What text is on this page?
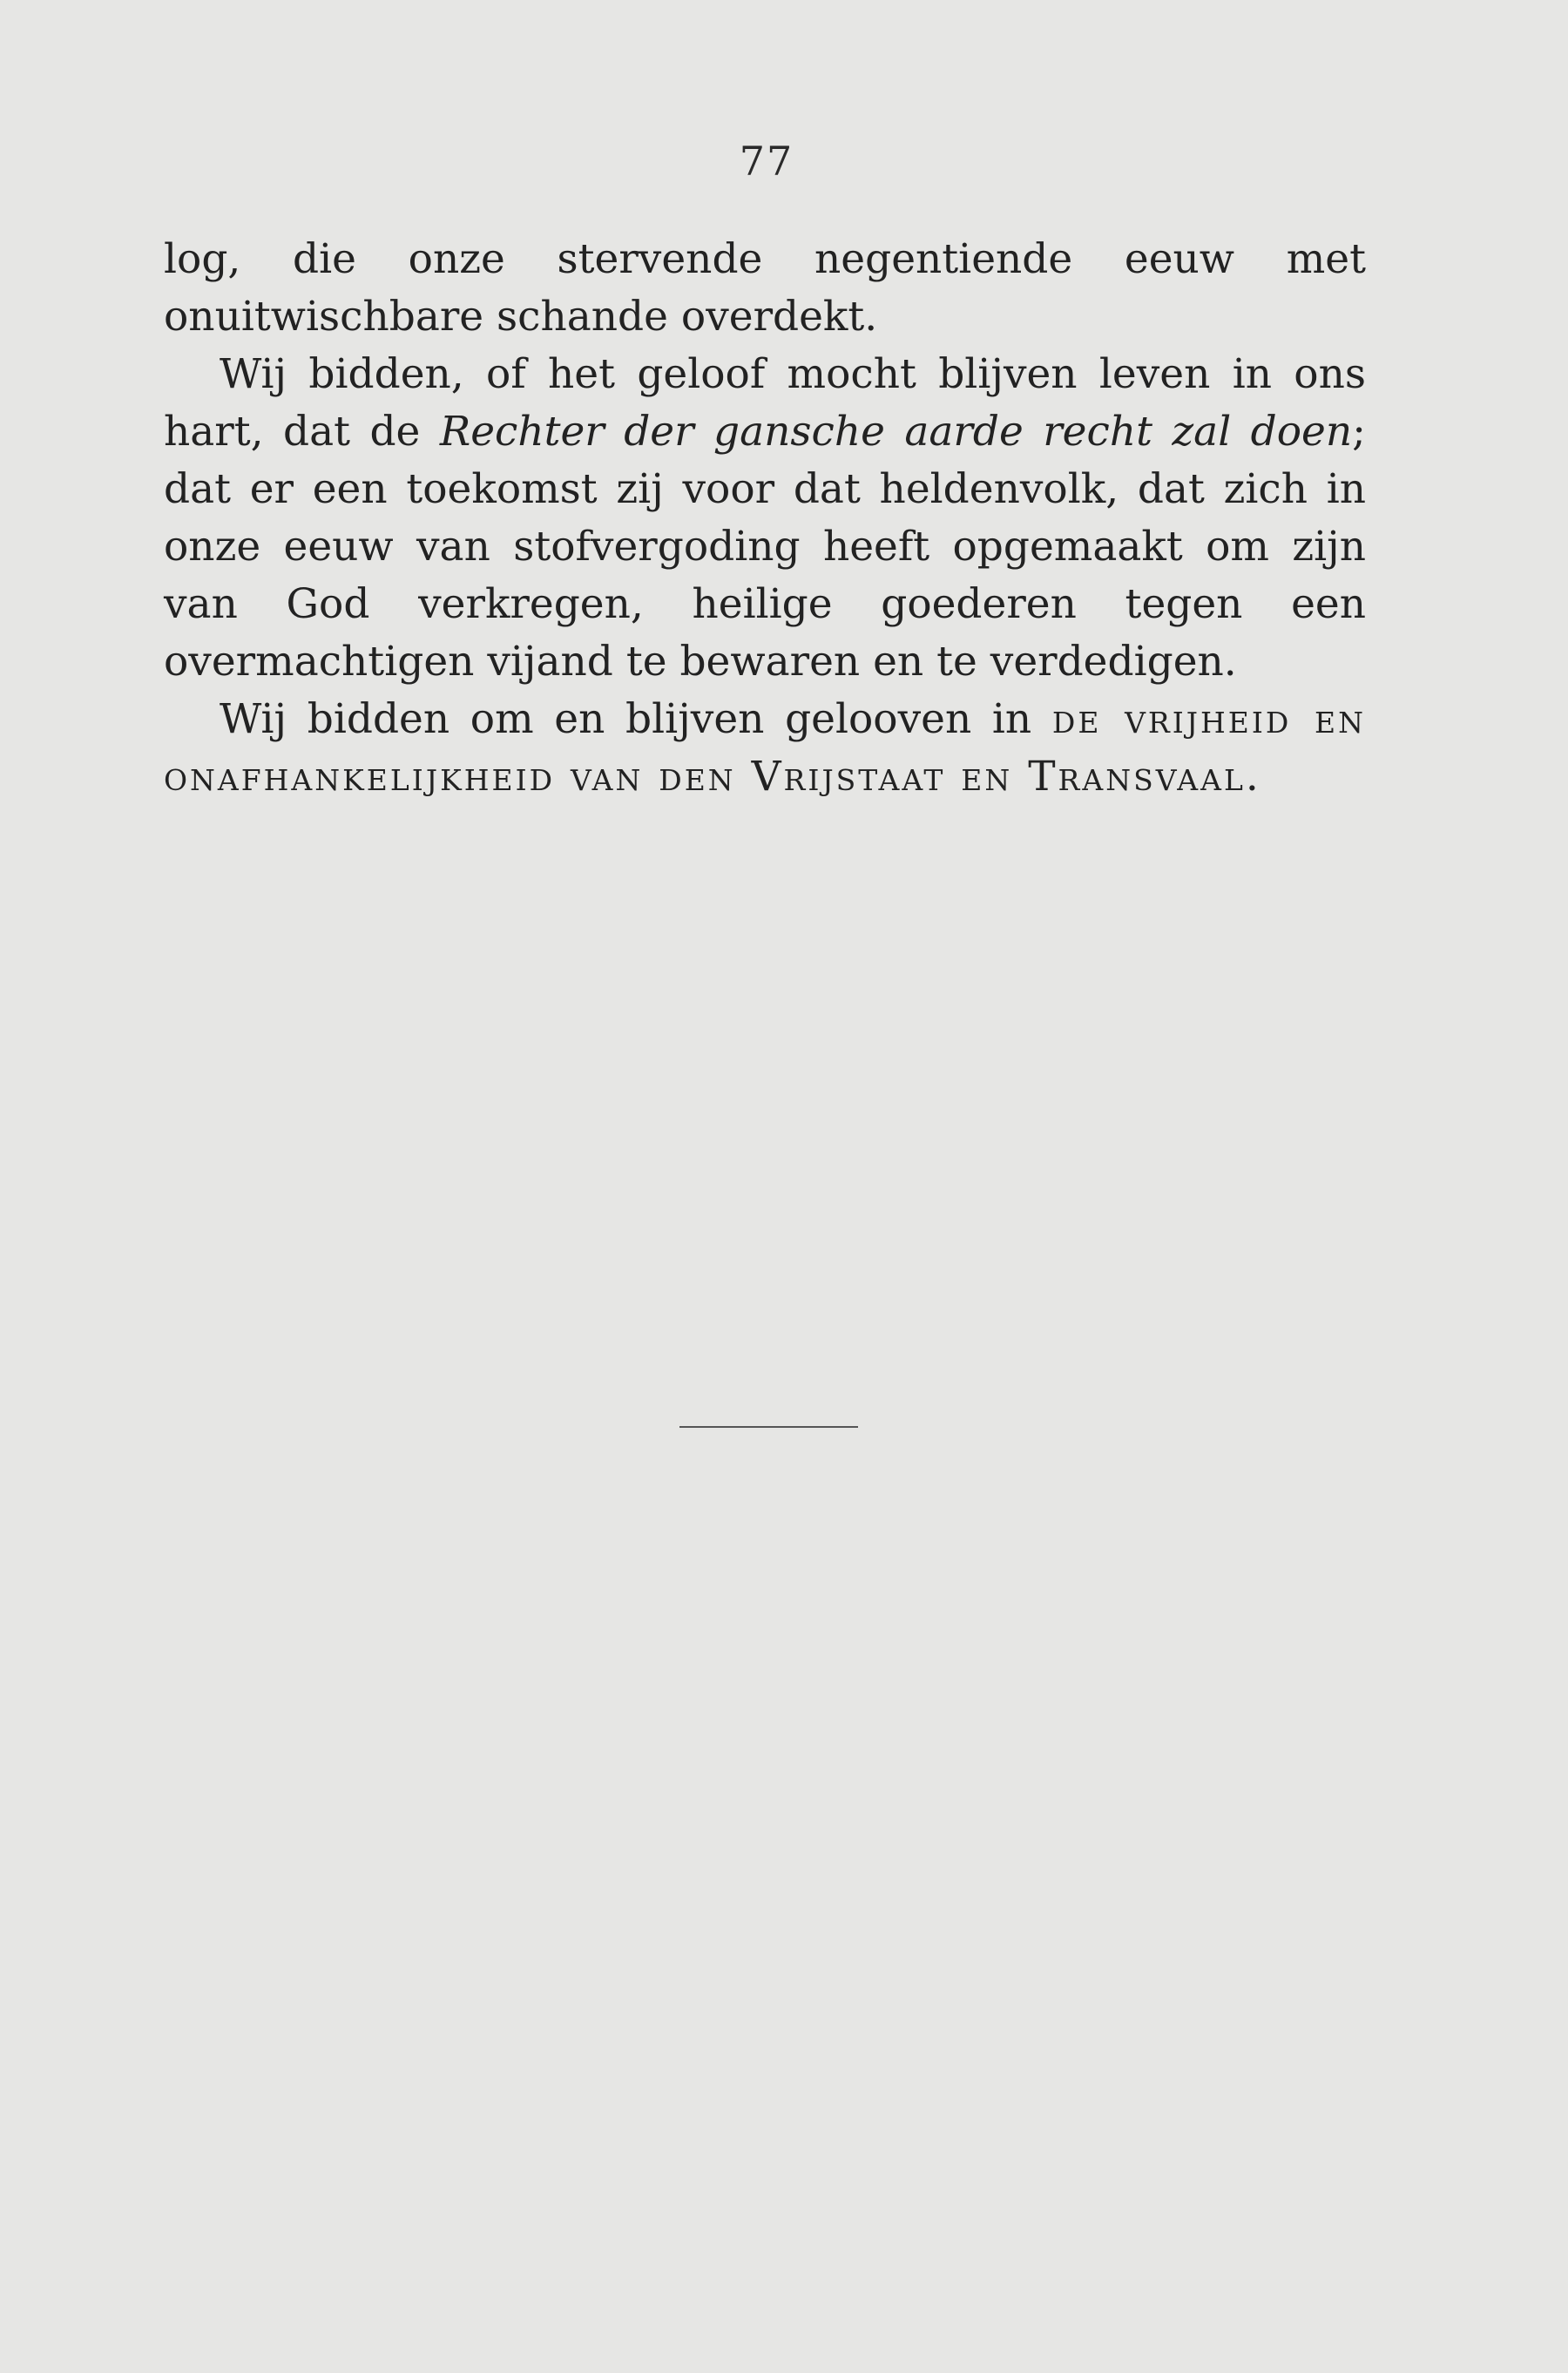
77

log, die onze stervende negentiende eeuw met onuitwischbare schande overdekt.

Wij bidden, of het geloof mocht blijven leven in ons hart, dat de Rechter der gansche aarde recht zal doen; dat er een toekomst zij voor dat heldenvolk, dat zich in onze eeuw van stofvergoding heeft opgemaakt om zijn van God verkregen, heilige goederen tegen een overmachtigen vijand te bewaren en te verdedigen.

Wij bidden om en blijven gelooven in de vrijheid en onafhankelijkheid van den Vrijstaat en Transvaal.
